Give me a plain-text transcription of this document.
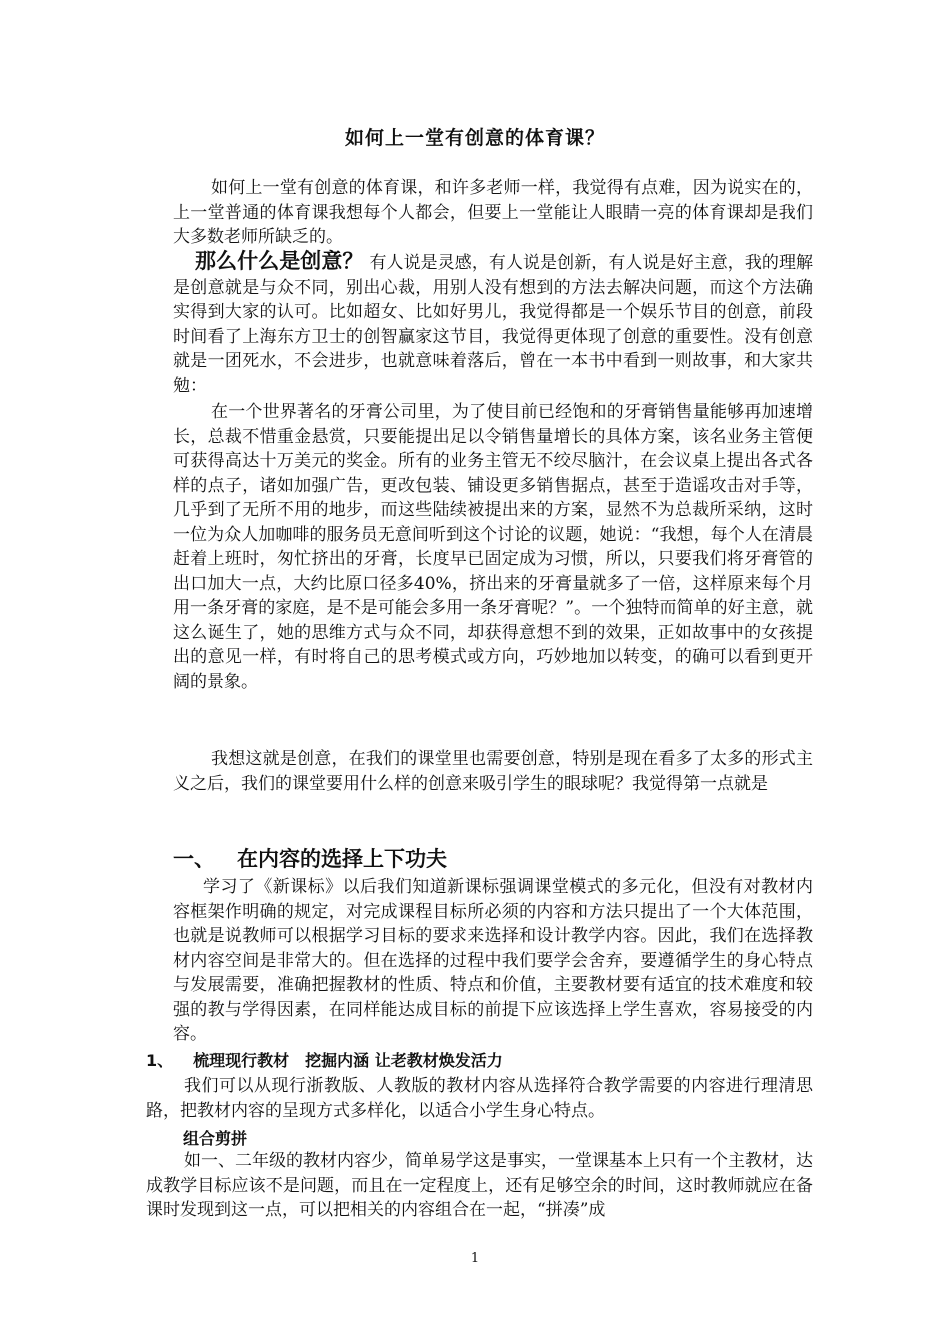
如何上一堂有创意的体育课？
如何上一堂有创意的体育课，和许多老师一样，我觉得有点难，因为说实在的，上一堂普通的体育课我想每个人都会，但要上一堂能让人眼睛一亮的体育课却是我们大多数老师所缺乏的。
那么什么是创意？ 有人说是灵感，有人说是创新，有人说是好主意，我的理解是创意就是与众不同，别出心裁，用别人没有想到的方法去解决问题，而这个方法确实得到大家的认可。比如超女、比如好男儿，我觉得都是一个娱乐节目的创意，前段时间看了上海东方卫士的创智赢家这节目，我觉得更体现了创意的重要性。没有创意就是一团死水，不会进步，也就意味着落后，曾在一本书中看到一则故事，和大家共勉：
在一个世界著名的牙膏公司里，为了使目前已经饱和的牙膏销售量能够再加速增长，总裁不惜重金悬赏，只要能提出足以令销售量增长的具体方案，该名业务主管便可获得高达十万美元的奖金。所有的业务主管无不绞尽脑汁，在会议桌上提出各式各样的点子，诸如加强广告，更改包装、铺设更多销售据点，甚至于造谣攻击对手等，几乎到了无所不用的地步，而这些陆续被提出来的方案，显然不为总裁所采纳，这时一位为众人加咖啡的服务员无意间听到这个讨论的议题，她说：“我想，每个人在清晨赶着上班时，匆忙挤出的牙膏，长度早已固定成为习惯，所以，只要我们将牙膏管的出口加大一点，大约比原口径多40%，挤出来的牙膏量就多了一倍，这样原来每个月用一条牙膏的家庭，是不是可能会多用一条牙膏呢？”。一个独特而简单的好主意，就这么诞生了，她的思维方式与众不同，却获得意想不到的效果，正如故事中的女孩提出的意见一样，有时将自己的思考模式或方向，巧妙地加以转变，的确可以看到更开阔的景象。
我想这就是创意，在我们的课堂里也需要创意，特别是现在看多了太多的形式主义之后，我们的课堂要用什么样的创意来吸引学生的眼球呢？我觉得第一点就是
一、 在内容的选择上下功夫
学习了《新课标》以后我们知道新课标强调课堂模式的多元化，但没有对教材内容框架作明确的规定，对完成课程目标所必须的内容和方法只提出了一个大体范围，也就是说教师可以根据学习目标的要求来选择和设计教学内容。因此，我们在选择教材内容空间是非常大的。但在选择的过程中我们要学会舍弃，要遵循学生的身心特点与发展需要，准确把握教材的性质、特点和价值，主要教材要有适宜的技术难度和较强的教与学得因素，在同样能达成目标的前提下应该选择上学生喜欢，容易接受的内容。
1、 梳理现行教材　挖掘内涵 让老教材焕发活力
我们可以从现行浙教版、人教版的教材内容从选择符合教学需要的内容进行理清思路，把教材内容的呈现方式多样化，以适合小学生身心特点。
组合剪拼
如一、二年级的教材内容少，简单易学这是事实，一堂课基本上只有一个主教材，达成教学目标应该不是问题，而且在一定程度上，还有足够空余的时间，这时教师就应在备课时发现到这一点，可以把相关的内容组合在一起，“拼凑”成
1
